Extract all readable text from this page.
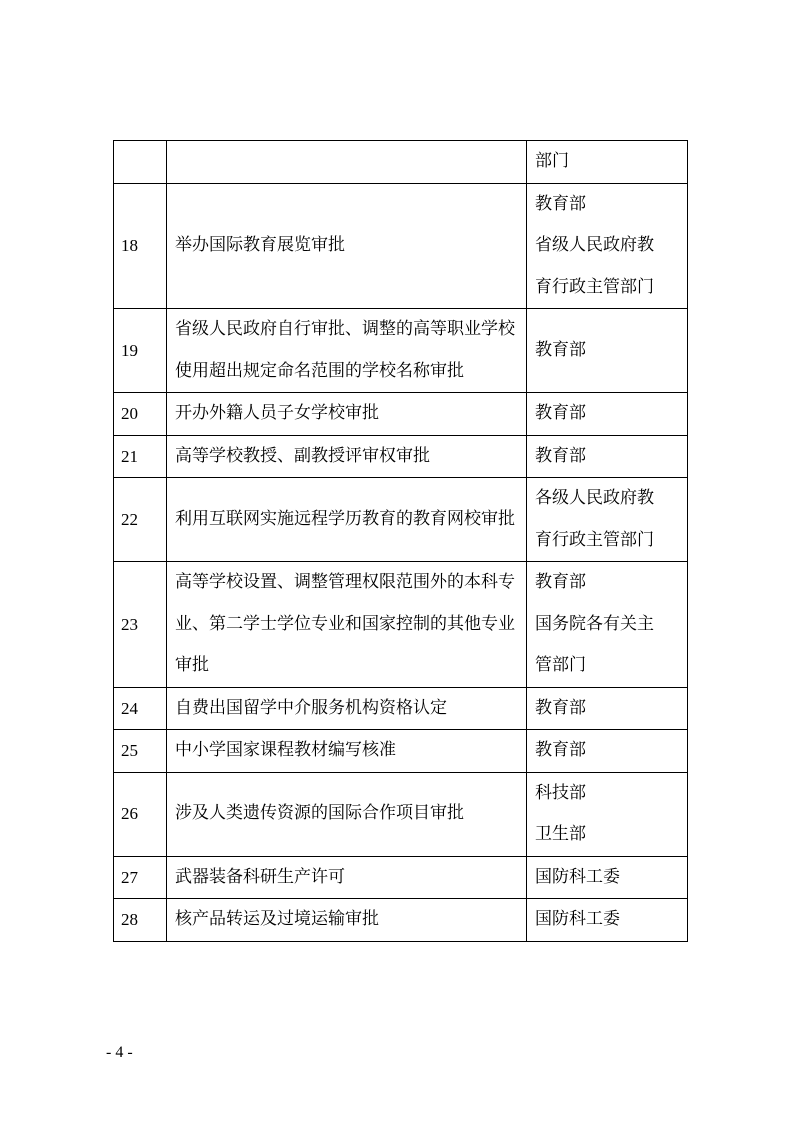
		部门

18	举办国际教育展览审批	教育部
省级人民政府教
育行政主管部门

19	省级人民政府自行审批、调整的高等职业学校使用超出规定命名范围的学校名称审批	教育部

20	开办外籍人员子女学校审批	教育部

21	高等学校教授、副教授评审权审批	教育部

22	利用互联网实施远程学历教育的教育网校审批	各级人民政府教
育行政主管部门

23	高等学校设置、调整管理权限范围外的本科专业、第二学士学位专业和国家控制的其他专业审批	教育部
国务院各有关主
管部门

24	自费出国留学中介服务机构资格认定	教育部

25	中小学国家课程教材编写核准	教育部

26	涉及人类遗传资源的国际合作项目审批	科技部
卫生部

27	武器装备科研生产许可	国防科工委

28	核产品转运及过境运输审批	国防科工委
- 4 -
